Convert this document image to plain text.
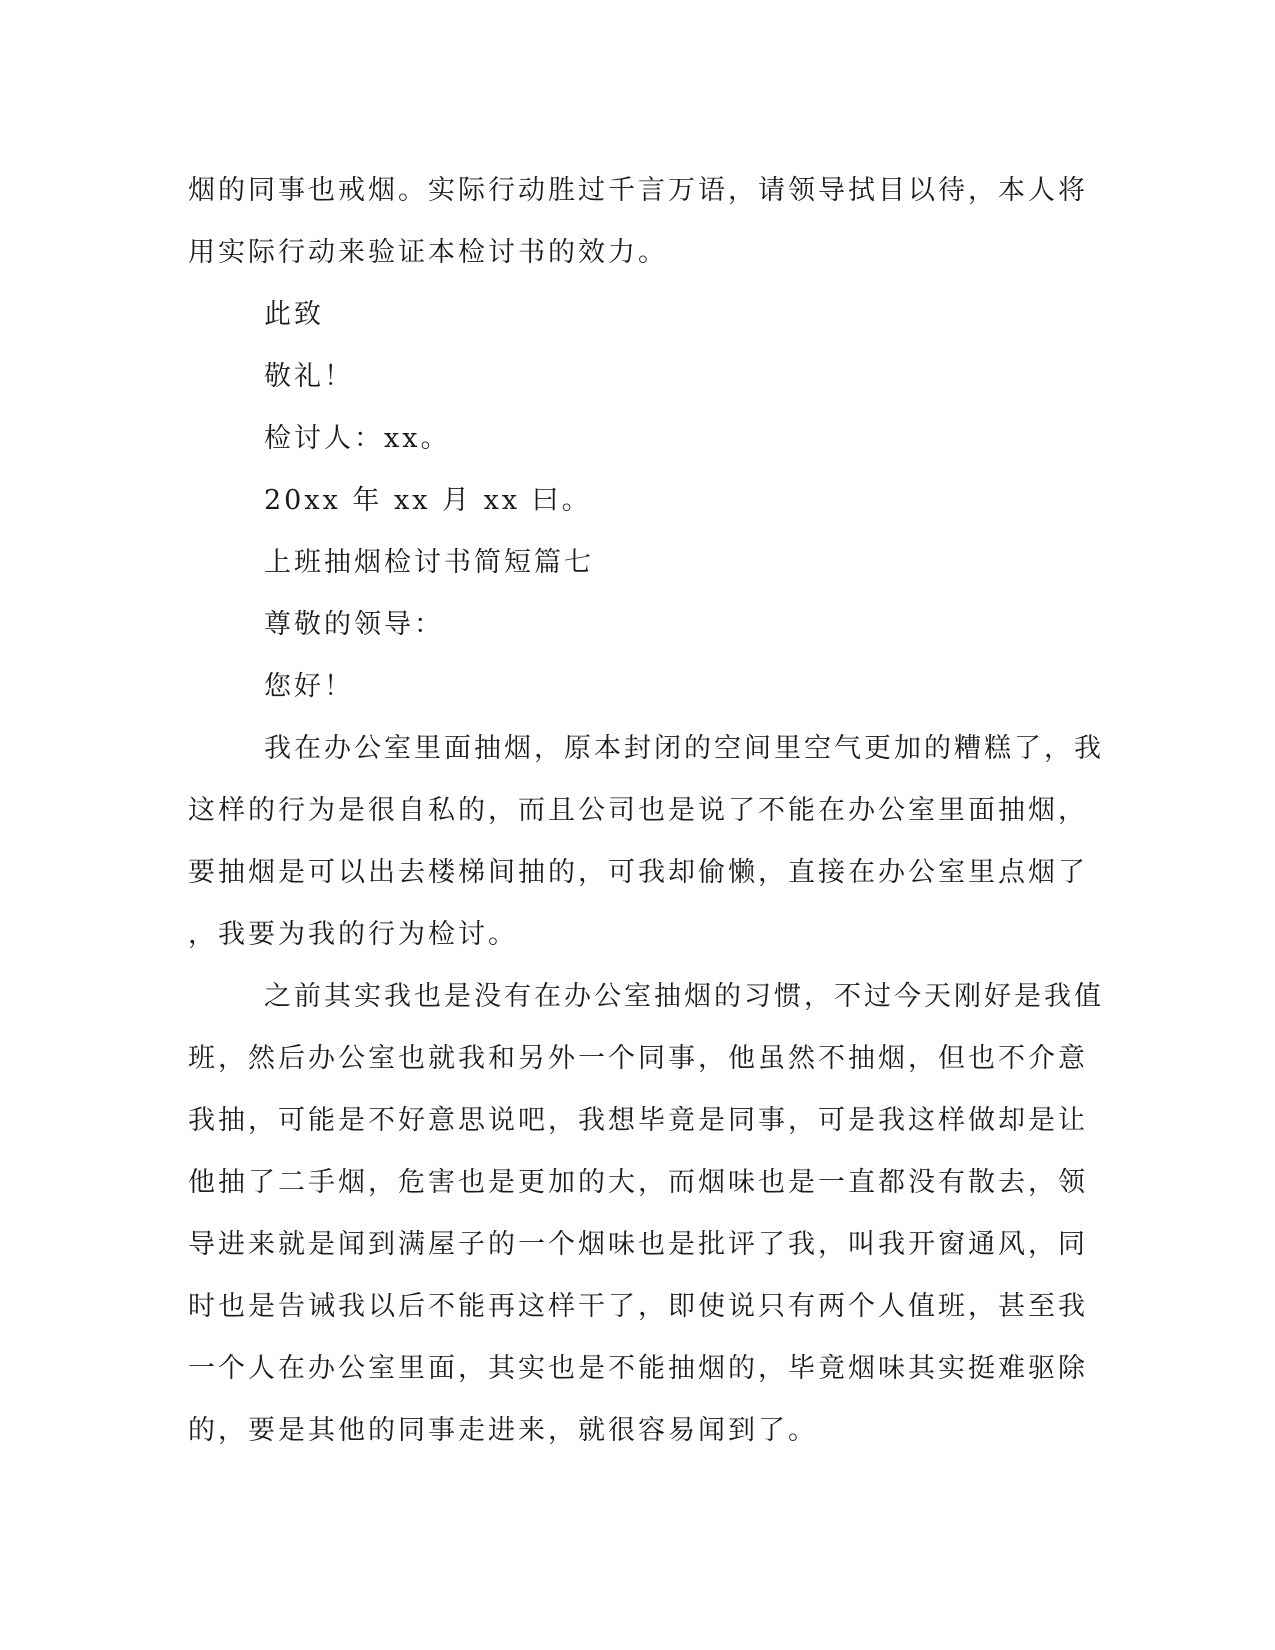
烟的同事也戒烟。实际行动胜过千言万语，请领导拭目以待，本人将
用实际行动来验证本检讨书的效力。

此致

敬礼！

检讨人：xx。

20xx 年 xx 月 xx 曰。

上班抽烟检讨书简短篇七

尊敬的领导：

您好！

我在办公室里面抽烟，原本封闭的空间里空气更加的糟糕了，我
这样的行为是很自私的，而且公司也是说了不能在办公室里面抽烟，
要抽烟是可以出去楼梯间抽的，可我却偷懒，直接在办公室里点烟了
，我要为我的行为检讨。

之前其实我也是没有在办公室抽烟的习惯，不过今天刚好是我值
班，然后办公室也就我和另外一个同事，他虽然不抽烟，但也不介意
我抽，可能是不好意思说吧，我想毕竟是同事，可是我这样做却是让
他抽了二手烟，危害也是更加的大，而烟味也是一直都没有散去，领
导进来就是闻到满屋子的一个烟味也是批评了我，叫我开窗通风，同
时也是告诫我以后不能再这样干了，即使说只有两个人值班，甚至我
一个人在办公室里面，其实也是不能抽烟的，毕竟烟味其实挺难驱除
的，要是其他的同事走进来，就很容易闻到了。
